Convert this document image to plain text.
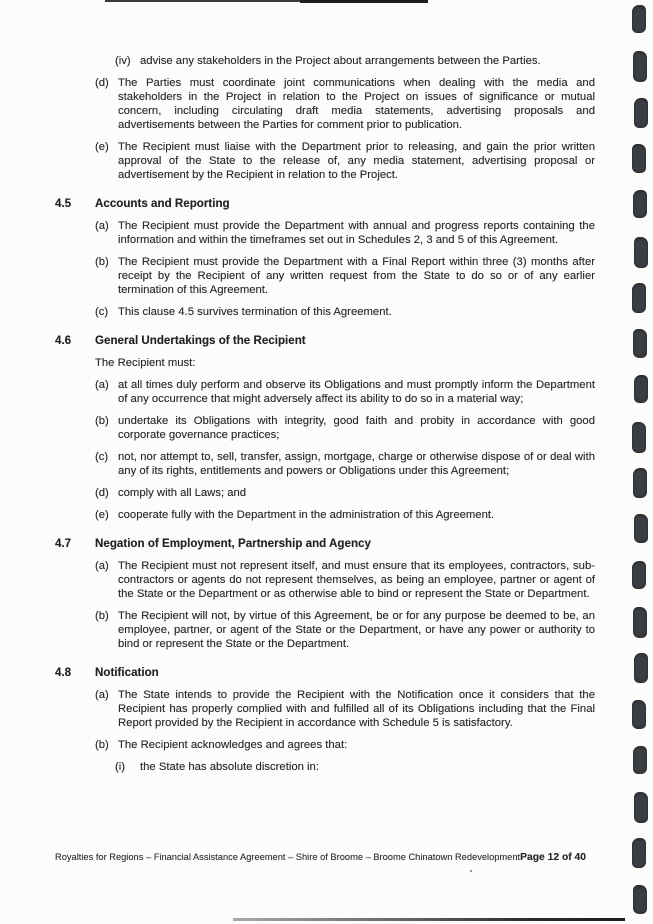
(iv) advise any stakeholders in the Project about arrangements between the Parties.
(d) The Parties must coordinate joint communications when dealing with the media and stakeholders in the Project in relation to the Project on issues of significance or mutual concern, including circulating draft media statements, advertising proposals and advertisements between the Parties for comment prior to publication.
(e) The Recipient must liaise with the Department prior to releasing, and gain the prior written approval of the State to the release of, any media statement, advertising proposal or advertisement by the Recipient in relation to the Project.
4.5	Accounts and Reporting
(a) The Recipient must provide the Department with annual and progress reports containing the information and within the timeframes set out in Schedules 2, 3 and 5 of this Agreement.
(b) The Recipient must provide the Department with a Final Report within three (3) months after receipt by the Recipient of any written request from the State to do so or of any earlier termination of this Agreement.
(c) This clause 4.5 survives termination of this Agreement.
4.6	General Undertakings of the Recipient
The Recipient must:
(a) at all times duly perform and observe its Obligations and must promptly inform the Department of any occurrence that might adversely affect its ability to do so in a material way;
(b) undertake its Obligations with integrity, good faith and probity in accordance with good corporate governance practices;
(c) not, nor attempt to, sell, transfer, assign, mortgage, charge or otherwise dispose of or deal with any of its rights, entitlements and powers or Obligations under this Agreement;
(d) comply with all Laws; and
(e) cooperate fully with the Department in the administration of this Agreement.
4.7	Negation of Employment, Partnership and Agency
(a) The Recipient must not represent itself, and must ensure that its employees, contractors, sub-contractors or agents do not represent themselves, as being an employee, partner or agent of the State or the Department or as otherwise able to bind or represent the State or Department.
(b) The Recipient will not, by virtue of this Agreement, be or for any purpose be deemed to be, an employee, partner, or agent of the State or the Department, or have any power or authority to bind or represent the State or the Department.
4.8	Notification
(a) The State intends to provide the Recipient with the Notification once it considers that the Recipient has properly complied with and fulfilled all of its Obligations including that the Final Report provided by the Recipient in accordance with Schedule 5 is satisfactory.
(b) The Recipient acknowledges and agrees that:
(i)	the State has absolute discretion in:
Royalties for Regions – Financial Assistance Agreement – Shire of Broome – Broome Chinatown Redevelopment Page 12 of 40
